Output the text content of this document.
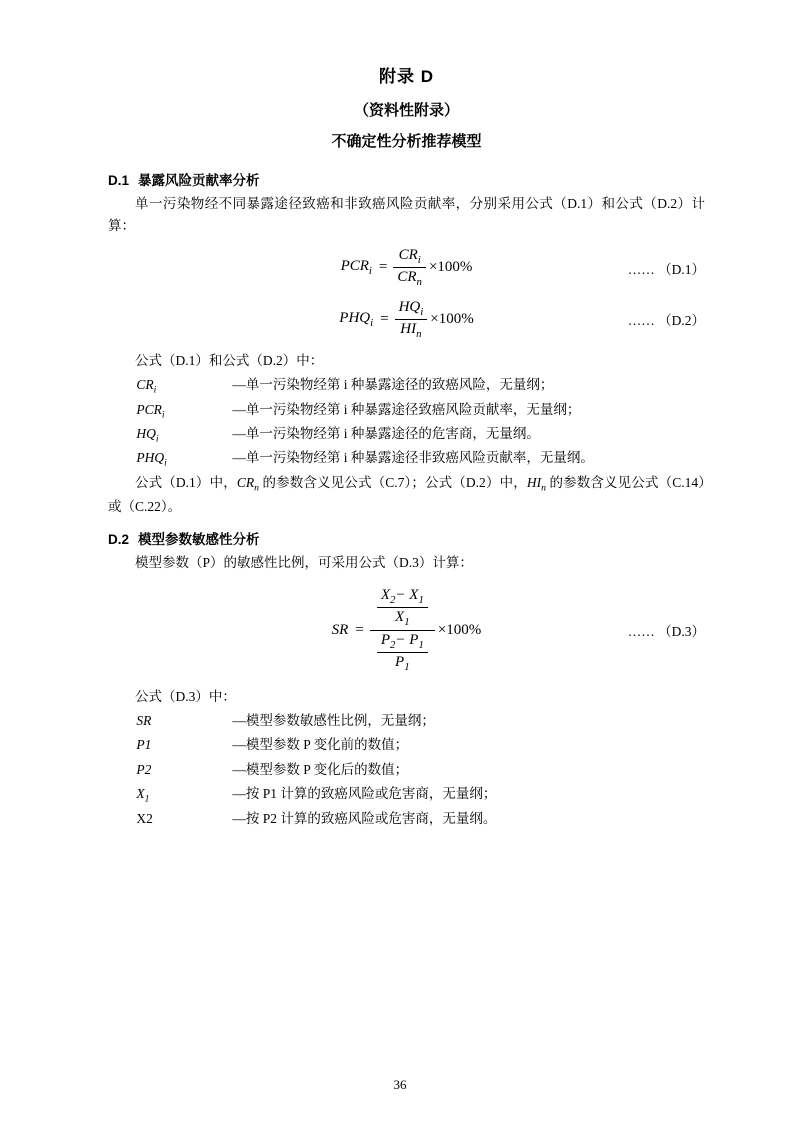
附录 D
（资料性附录）
不确定性分析推荐模型
D.1 暴露风险贡献率分析

单一污染物经不同暴露途径致癌和非致癌风险贡献率，分别采用公式（D.1）和公式（D.2）计算：

$PCR_i = \frac{CR_i}{CR_n} \times 100\%$	…… （D.1）
$PHQ_i = \frac{HQ_i}{HI_n} \times 100\%$	…… （D.2）

公式（D.1）和公式（D.2）中：

$CR_i$	—单一污染物经第 i 种暴露途径的致癌风险，无量纲；
$PCR_i$	—单一污染物经第 i 种暴露途径致癌风险贡献率，无量纲；
$HQ_i$	—单一污染物经第 i 种暴露途径的危害商，无量纲。
$PHQ_i$	—单一污染物经第 i 种暴露途径非致癌风险贡献率，无量纲。

公式（D.1）中，$CR_n$ 的参数含义见公式（C.7）；公式（D.2）中，$HI_n$ 的参数含义见公式（C.14）或（C.22）。

D.2 模型参数敏感性分析

模型参数（P）的敏感性比例，可采用公式（D.3）计算：

SR = $\frac{\frac{X_2- X_1}{X_1}}{\frac{P_2- P_1}{P_1}} \times 100\%$	…… （D.3）

公式（D.3）中：

SR	—模型参数敏感性比例，无量纲；
P1	—模型参数 P 变化前的数值；
P2	—模型参数 P 变化后的数值；
$X_1$	—按 P1 计算的致癌风险或危害商，无量纲；
X2	—按 P2 计算的致癌风险或危害商，无量纲。
36
